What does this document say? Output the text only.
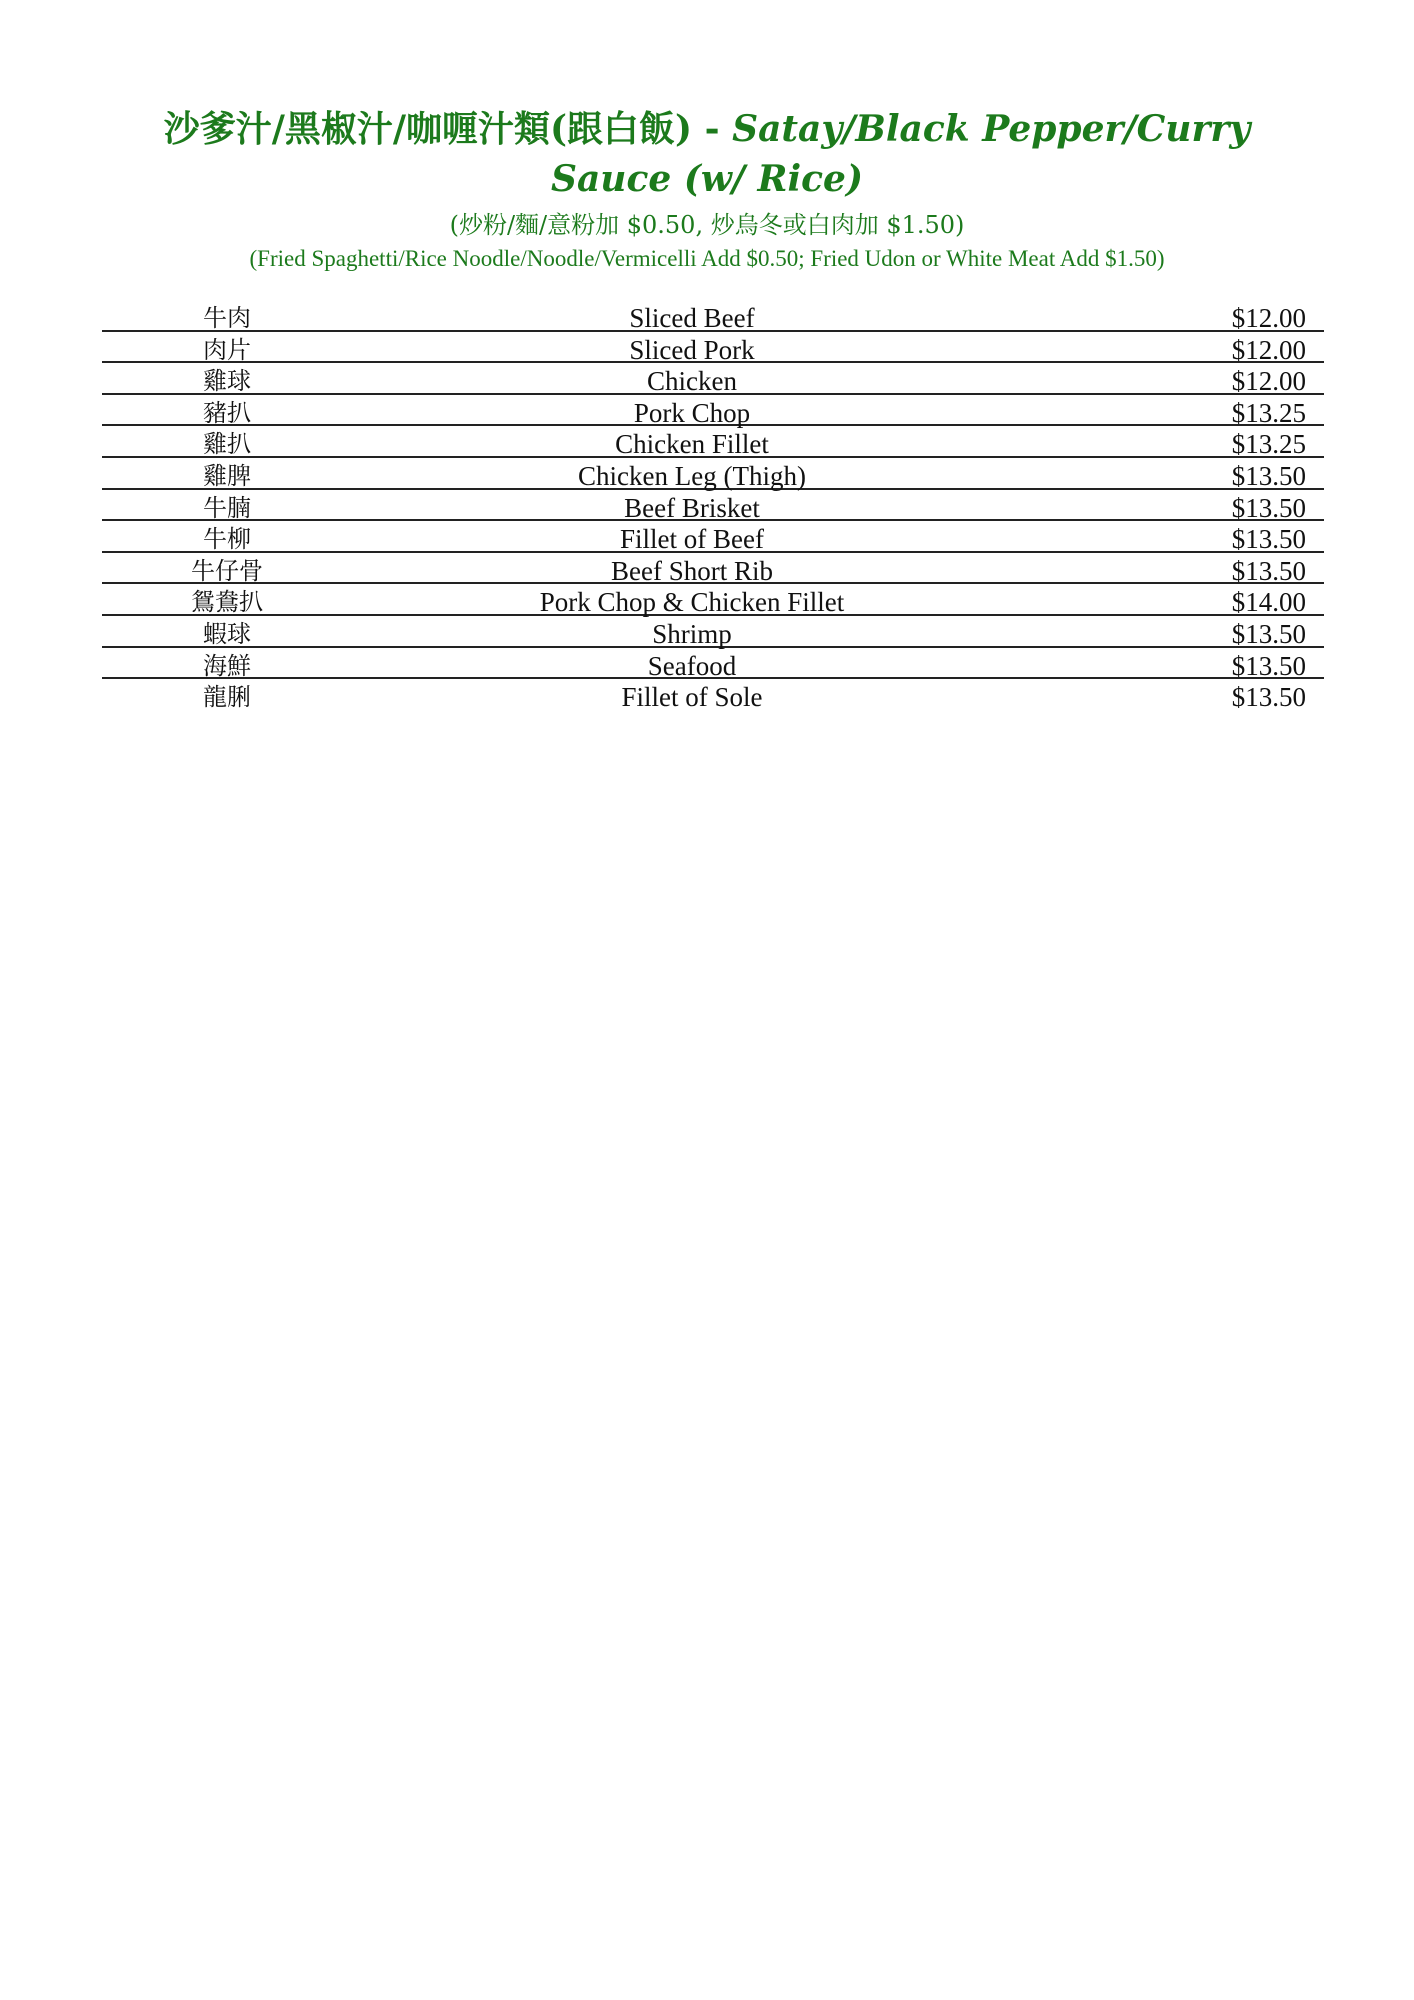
沙爹汁/黑椒汁/咖喱汁類(跟白飯) - Satay/Black Pepper/Curry Sauce (w/ Rice)
(炒粉/麵/意粉加 $0.50, 炒烏冬或白肉加 $1.50)
(Fried Spaghetti/Rice Noodle/Noodle/Vermicelli Add $0.50; Fried Udon or White Meat Add $1.50)
牛肉	Sliced Beef	$12.00
肉片	Sliced Pork	$12.00
雞球	Chicken	$12.00
豬扒	Pork Chop	$13.25
雞扒	Chicken Fillet	$13.25
雞脾	Chicken Leg (Thigh)	$13.50
牛腩	Beef Brisket	$13.50
牛柳	Fillet of Beef	$13.50
牛仔骨	Beef Short Rib	$13.50
鴛鴦扒	Pork Chop & Chicken Fillet	$14.00
蝦球	Shrimp	$13.50
海鮮	Seafood	$13.50
龍脷	Fillet of Sole	$13.50
